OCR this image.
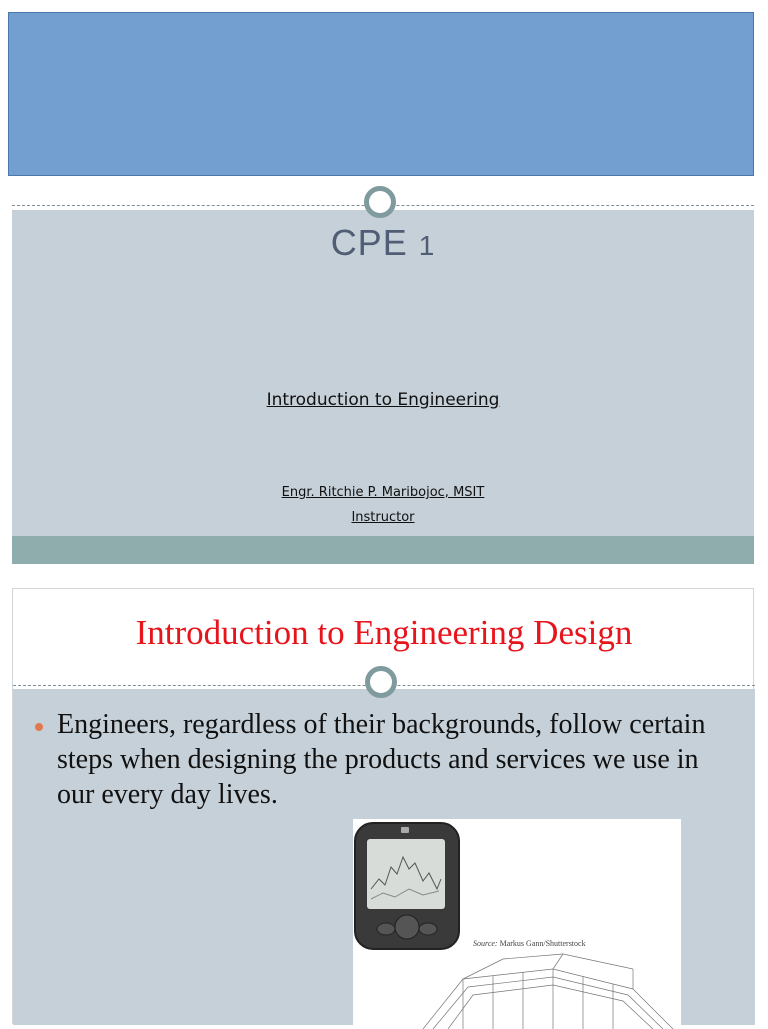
CPE 1
Introduction to Engineering
Engr. Ritchie P. Maribojoc, MSIT
Instructor
Introduction to Engineering Design
Engineers, regardless of their backgrounds, follow certain steps when designing the products and services we use in our every day lives.
Source: Markus Gann/Shutterstock
